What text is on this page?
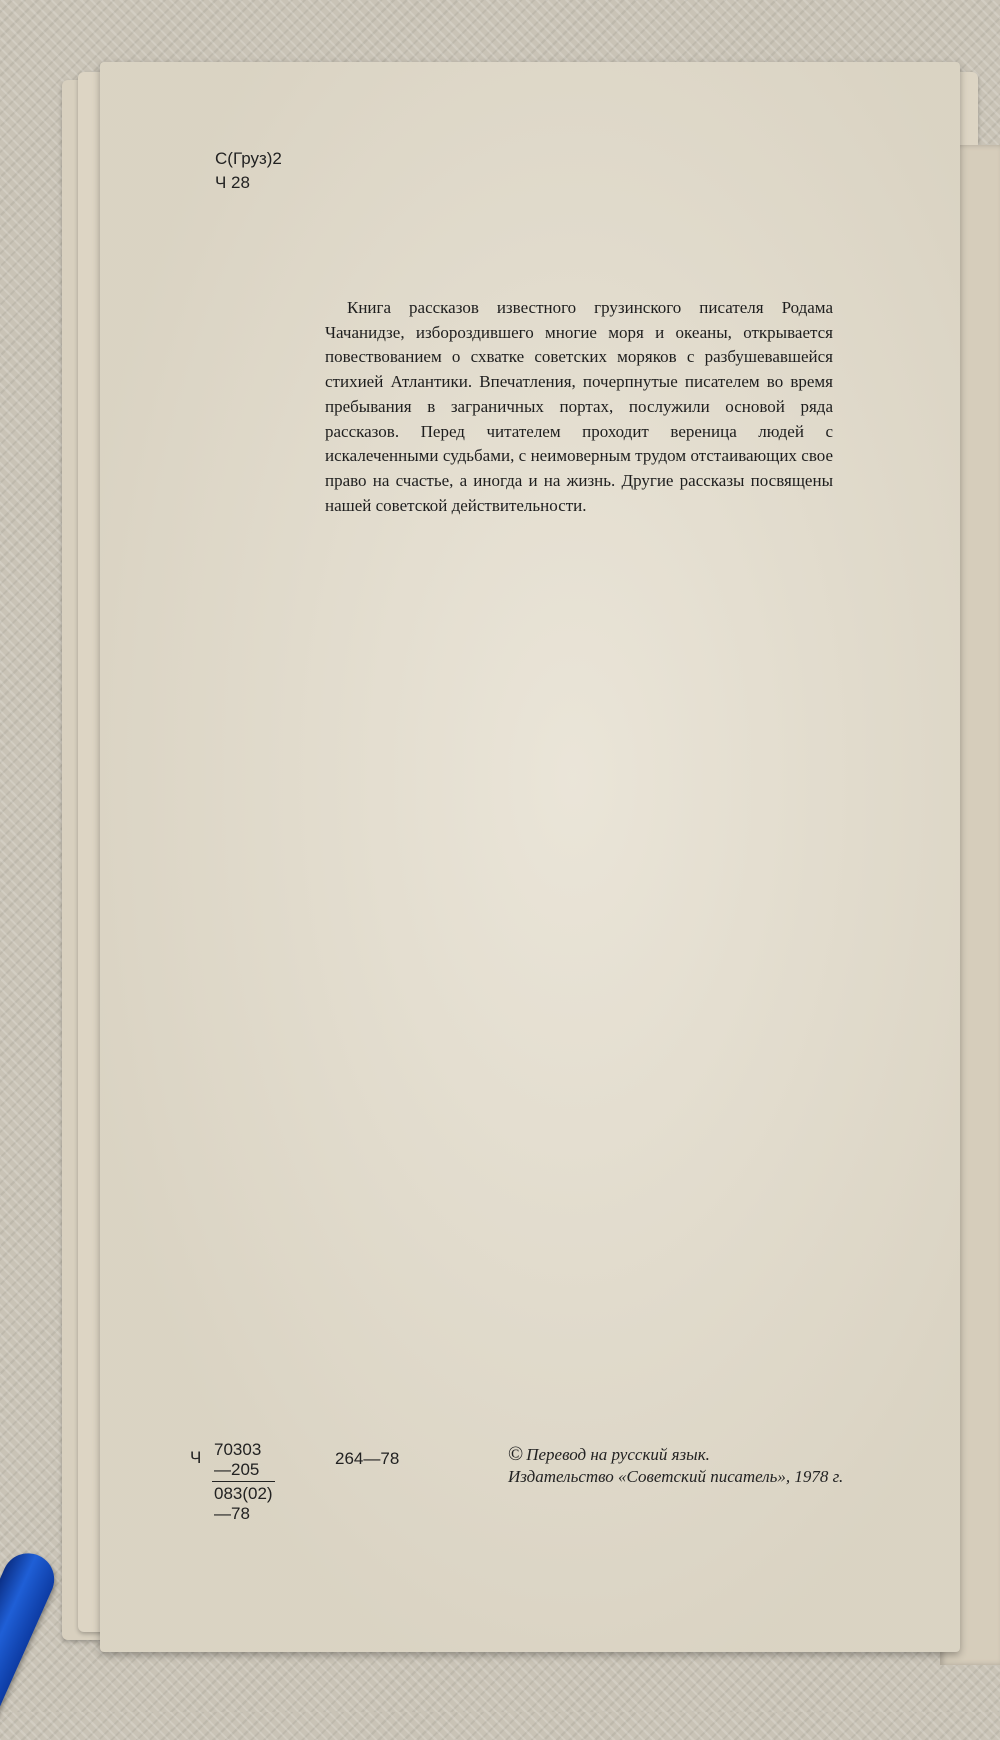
С(Груз)2
Ч 28

Книга рассказов известного грузинского писателя Родама Чачанидзе, избороздившего многие моря и океаны, открывается повествованием о схватке советских моряков с разбушевавшейся стихией Атлантики. Впечатления, почерпнутые писателем во время пребывания в заграничных портах, послужили основой ряда рассказов. Перед читателем проходит вереница людей с искалеченными судьбами, с неимоверным трудом отстаивающих свое право на счастье, а иногда и на жизнь. Другие рассказы посвящены нашей советской действительности.

Ч $\frac{70303—205}{083(02)—78}$	264—78	© Перевод на русский язык.
Издательство «Советский писатель», 1978 г.
